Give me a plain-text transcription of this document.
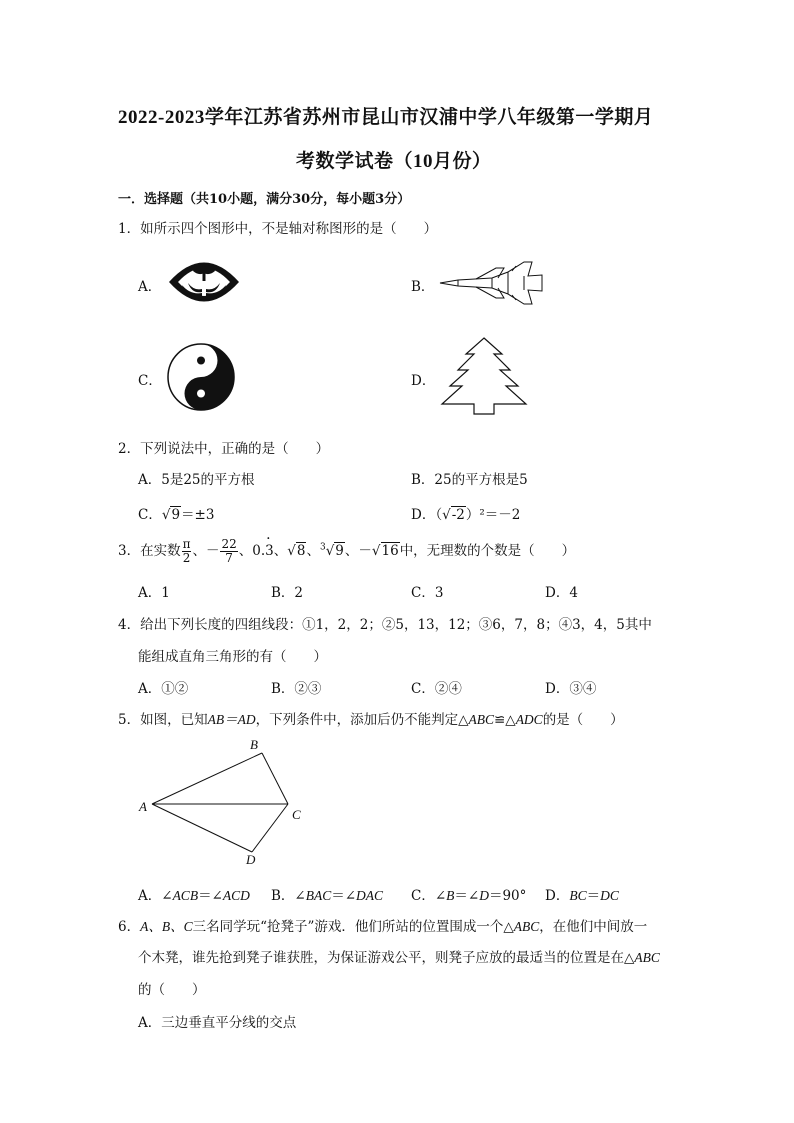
2022-2023学年江苏省苏州市昆山市汉浦中学八年级第一学期月
考数学试卷（10月份）
一．选择题（共10小题，满分30分，每小题3分）
1．如所示四个图形中，不是轴对称图形的是（　　）
A．	B．
C．	D．
2．下列说法中，正确的是（　　）
A．5是25的平方根	B．25的平方根是5
C．√9＝±3	D．（√-2）²＝－2
3．在实数 $\frac{\pi}{2}$ 、－ $\frac{22}{7}$ 、0.· 3、√8、$^3$√9、－√16中，无理数的个数是（　　）
A．1	B．2	C．3	D．4
4．给出下列长度的四组线段：①1，2，2；②5，13，12；③6，7，8；④3，4，5其中
能组成直角三角形的有（　　）
A．①②	B．②③	C．②④	D．③④
5．如图，已知AB＝AD，下列条件中，添加后仍不能判定△ABC≌△ADC的是（　　）
B
A
C
D
A．∠ACB＝∠ACD B．∠BAC＝∠DAC C．∠B＝∠D＝90° D．BC＝DC
6．A、B、C三名同学玩“抢凳子”游戏．他们所站的位置围成一个△ABC，在他们中间放一
个木凳，谁先抢到凳子谁获胜，为保证游戏公平，则凳子应放的最适当的位置是在△ABC
的（　　）
A．三边垂直平分线的交点
